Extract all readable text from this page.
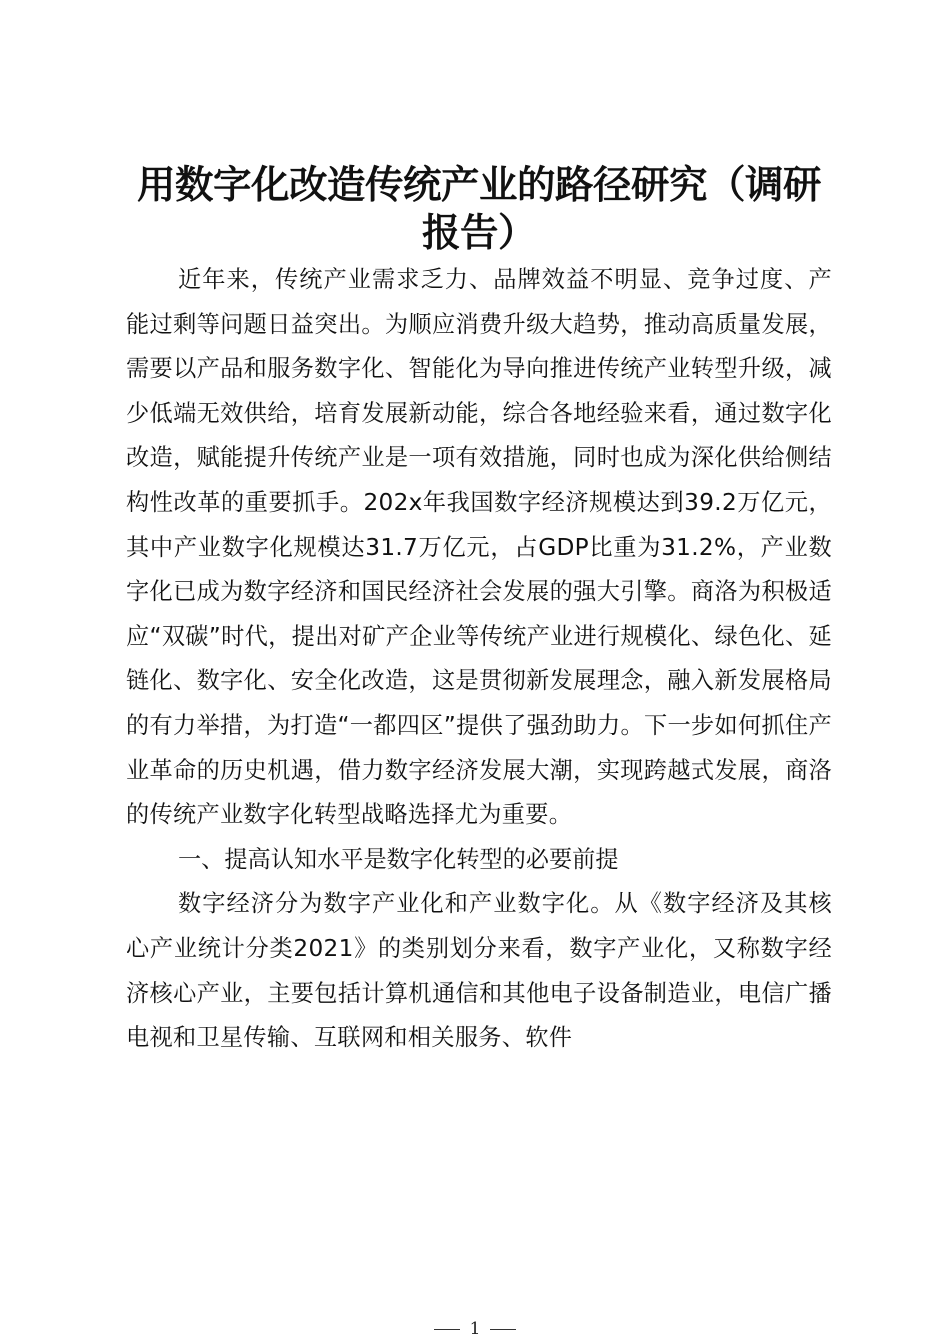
用数字化改造传统产业的路径研究（调研报告）

近年来，传统产业需求乏力、品牌效益不明显、竞争过度、产能过剩等问题日益突出。为顺应消费升级大趋势，推动高质量发展，需要以产品和服务数字化、智能化为导向推进传统产业转型升级，减少低端无效供给，培育发展新动能，综合各地经验来看，通过数字化改造，赋能提升传统产业是一项有效措施，同时也成为深化供给侧结构性改革的重要抓手。202x年我国数字经济规模达到39.2万亿元，其中产业数字化规模达31.7万亿元，占GDP比重为31.2%，产业数字化已成为数字经济和国民经济社会发展的强大引擎。商洛为积极适应“双碳”时代，提出对矿产企业等传统产业进行规模化、绿色化、延链化、数字化、安全化改造，这是贯彻新发展理念，融入新发展格局的有力举措，为打造“一都四区”提供了强劲助力。下一步如何抓住产业革命的历史机遇，借力数字经济发展大潮，实现跨越式发展，商洛的传统产业数字化转型战略选择尤为重要。

一、提高认知水平是数字化转型的必要前提

数字经济分为数字产业化和产业数字化。从《数字经济及其核心产业统计分类2021》的类别划分来看，数字产业化，又称数字经济核心产业，主要包括计算机通信和其他电子设备制造业，电信广播电视和卫星传输、互联网和相关服务、软件

1
